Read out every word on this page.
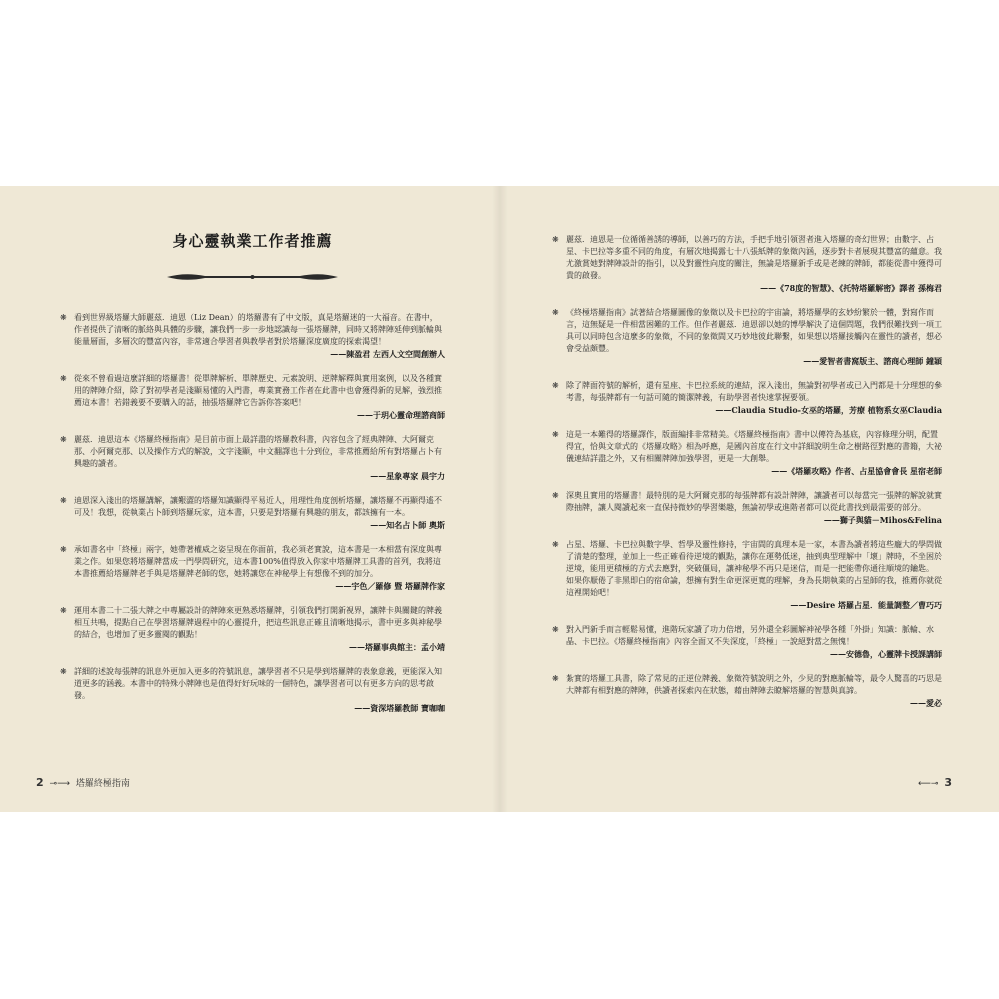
身心靈執業工作者推薦
❋ 看到世界級塔羅大師麗茲．迪恩（Liz Dean）的塔羅書有了中文版，真是塔羅迷的一大福音。在書中，作者提供了清晰的脈絡與具體的步驟，讓我們一步一步地認識每一張塔羅牌，同時又將牌陣延伸到脈輪與能量層面，多層次的豐富內容，非常適合學習者與教學者對於塔羅深度廣度的探索渴望！
——陳盈君 左西人文空間創辦人
❋ 從來不曾看過這麼詳細的塔羅書！從單牌解析、單牌歷史、元素說明、逆牌解釋與實用案例，以及各種實用的牌陣介紹，除了對初學者是淺顯易懂的入門書，專業實務工作者在此書中也會獲得新的見解，強烈推薦這本書！若錯義要不要購入的話，抽張塔羅牌它告訴你答案吧！
——于玥心靈命理諮商師
❋ 麗茲．迪恩這本《塔羅終極指南》是目前市面上最詳盡的塔羅教科書，內容包含了經典牌陣、大阿爾克那、小阿爾克那、以及操作方式的解說，文字淺顯，中文翻譯也十分到位，非常推薦給所有對塔羅占卜有興趣的讀者。
——星象專家 晨宇力
❋ 迪恩深入淺出的塔羅講解，讓艱澀的塔羅知識顯得平易近人，用理性角度剖析塔羅，讓塔羅不再顯得遙不可及！我想，從執業占卜師到塔羅玩家，這本書，只要是對塔羅有興趣的朋友，都該擁有一本。
——知名占卜師 奧斯
❋ 承如書名中「終極」兩字，她帶著權威之姿呈現在你面前，我必須老實說，這本書是一本相當有深度與專業之作。如果您將塔羅牌當成一門學問研究，這本書100%值得放入你家中塔羅牌工具書的首列，我將這本書推薦給塔羅牌老手與是塔羅牌老師的您，她將讓您在神秘學上有想像不到的加分。
——宇色／羅修 暨 塔羅牌作家
❋ 運用本書二十二張大牌之中專屬設計的牌陣來更熟悉塔羅牌，引領我們打開新視界，讓牌卡與關鍵的牌義相互共鳴，提點自己在學習塔羅牌過程中的心靈提升，把這些訊息正確且清晰地揭示，書中更多與神秘學的結合，也增加了更多靈閱的觀點！
——塔羅事典館主：孟小靖
❋ 詳細的述說每張牌的訊息外更加入更多的符號訊息，讓學習者不只是學到塔羅牌的表象意義，更能深入知道更多的涵義。本書中的特殊小牌陣也是值得好好玩味的一個特色，讓學習者可以有更多方向的思考啟發。
——資深塔羅教師 寶咖咖
2 ⊸⟶ 塔羅終極指南
❋ 麗茲．迪恩是一位循循善誘的導師，以善巧的方法，手把手地引領習者進入塔羅的奇幻世界；由數字、占星、卡巴拉等多重不同的角度，有層次地揭露七十八張紙牌的象徵內涵，逐步對卡者展現其豐富的蘊意。我尤激賞她對牌陣設計的指引，以及對靈性向度的關注，無論是塔羅新手或是老練的牌師，都能從書中獲得可貴的啟發。
——《78度的智慧》、《托特塔羅解密》譯者 孫梅君
❋ 《終極塔羅指南》試著結合塔羅圖像的象徵以及卡巴拉的宇宙論，將塔羅學的玄妙紛繁於一體，對寫作而言，這無疑是一件相當困難的工作。但作者麗茲．迪恩卻以她的博學解決了這個問題，我們很難找到一項工具可以同時包含這麼多的象徵，不同的象徵間又巧妙地彼此聯繫，如果想以塔羅接觸內在靈性的讀者，想必會受益頗豐。
——愛智者書窩版主、諮商心理師 鐘穎
❋ 除了牌面符號的解析，還有星座、卡巴拉系統的連結，深入淺出，無論對初學者或已入門都是十分理想的參考書，每張牌都有一句話可隨的簡潔牌義，有助學習者快速掌握要領。
——Claudia Studio-女巫的塔羅，芳療 植物系女巫Claudia
❋ 這是一本難得的塔羅譯作，版面編排非常精美。《塔羅終極指南》書中以傳符為基底，內容條理分明，配置得宜，恰與文章式的《塔羅攻略》相為呼應，是國內首度在行文中詳細說明生命之樹路徑對應的書籍，大祕儀連結詳盡之外，又有相關牌陣加強學習，更是一大創舉。
——《塔羅攻略》作者、占星協會會長 星宿老師
❋ 深奧且實用的塔羅書！最特別的是大阿爾克那的每張牌都有設計牌陣，讓讀者可以每當完一張牌的解說就實際抽牌，讓人閱讀起來一直保持微妙的學習樂趣，無論初學或進階者都可以從此書找到最需要的部分。
——獅子與貓－Mihos&Felina
❋ 占星、塔羅、卡巴拉與數字學、哲學及靈性修持，宇宙間的真理本是一家，本書為讀者將這些龐大的學問做了清楚的整理，並加上一些正確看待逆境的觀點，讓你在運勢低迷，抽到典型理解中「壞」牌時，不坐困於逆境，能用更積極的方式去應對，突破僵局，讓神秘學不再只是迷信，而是一把能帶你通往順境的鑰匙。
如果你厭倦了非黑即白的宿命論，想擁有對生命更深更寬的理解，身為長期執業的占星師的我，推薦你就從這裡開始吧！
——Desire 塔羅占星．能量調整／曹巧巧
❋ 對入門新手而言輕鬆易懂，進階玩家讀了功力倍增，另外還全彩圖解神祕學各種「外掛」知識：脈輪、水晶、卡巴拉。《塔羅終極指南》內容全面又不失深度，「終極」一說絕對當之無愧！
——安德魯，心靈牌卡授課講師
❋ 紮實的塔羅工具書，除了常見的正逆位牌義、象徵符號說明之外，少見的對應脈輪等，最令人驚喜的巧思是大牌都有相對應的牌陣，供讀者探索內在狀態，藉由牌陣去瞭解塔羅的智慧與真諦。
——愛必
⟵⊸ 3
